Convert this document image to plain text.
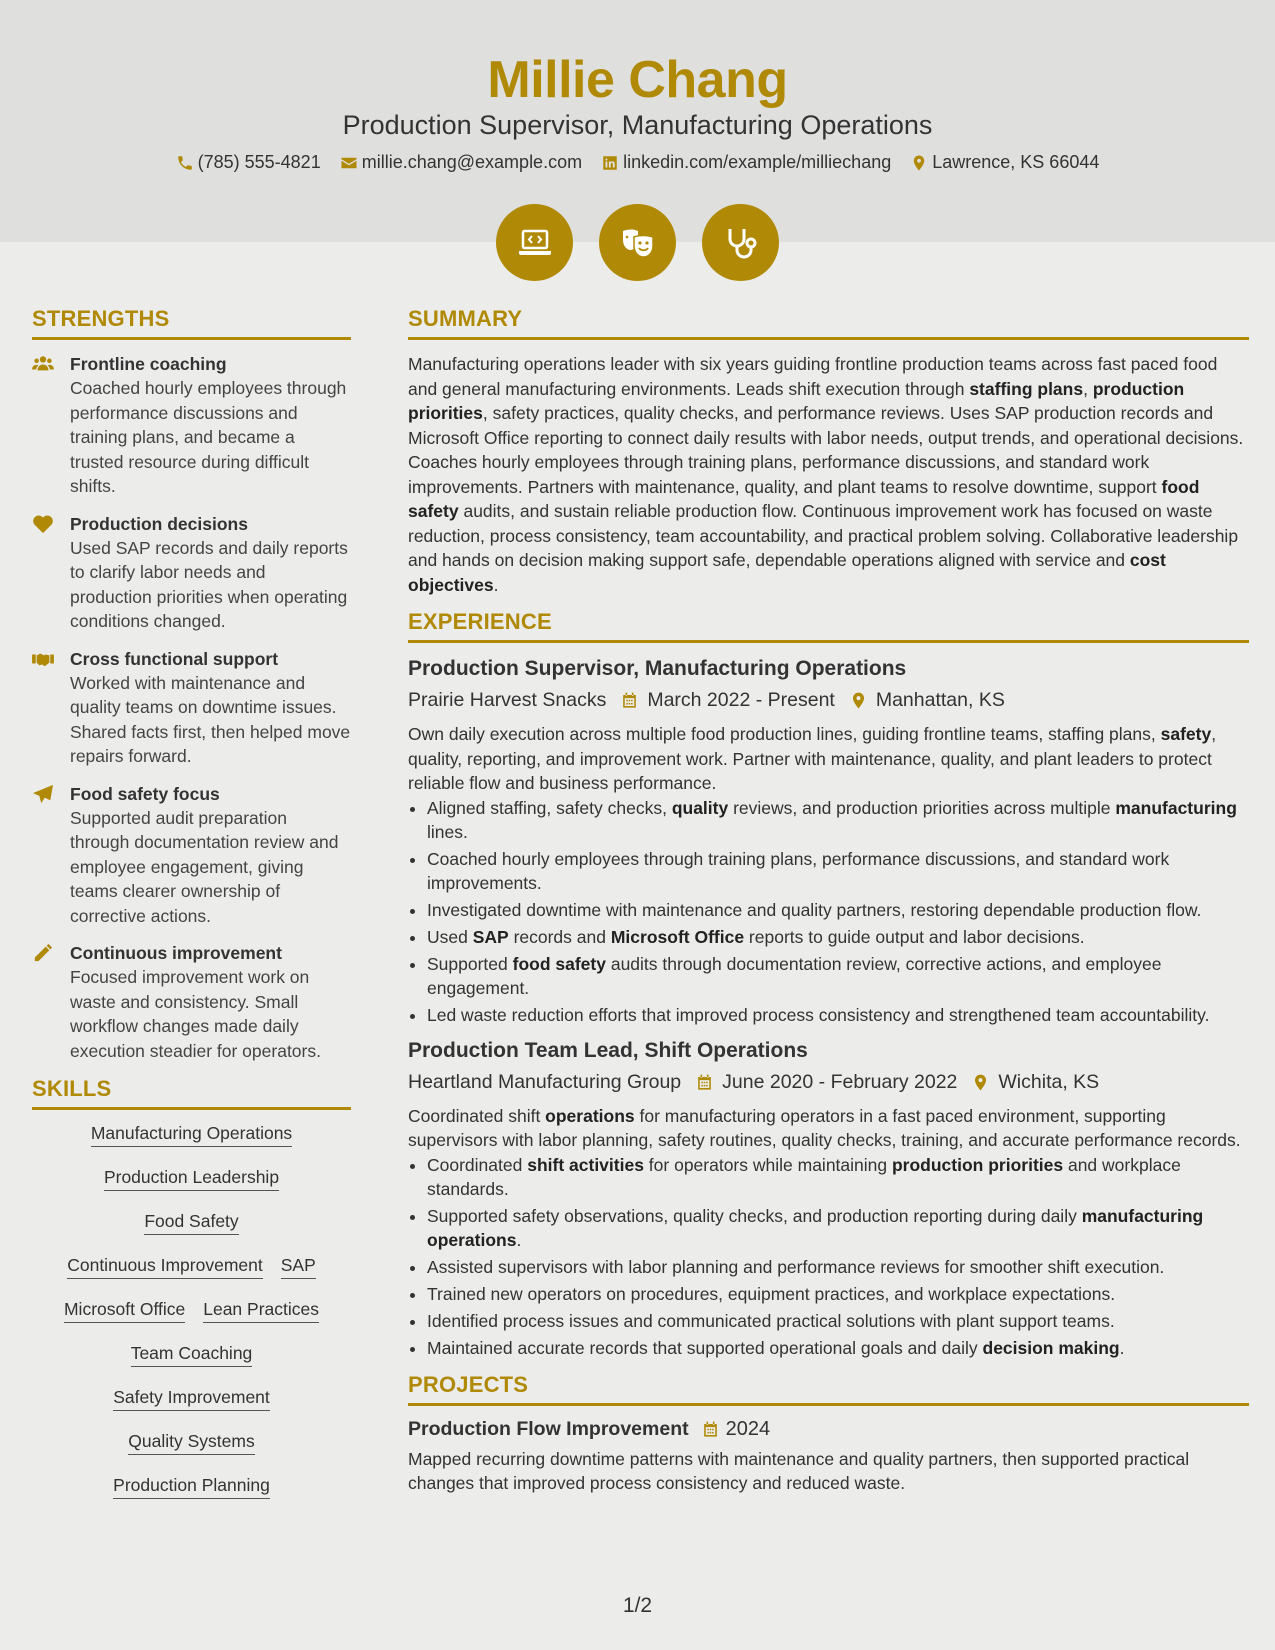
Millie Chang
Production Supervisor, Manufacturing Operations
(785) 555-4821
millie.chang@example.com
linkedin.com/example/milliechang
Lawrence, KS 66044
STRENGTHS
Frontline coaching
Coached hourly employees through performance discussions and training plans, and became a trusted resource during difficult shifts.
Production decisions
Used SAP records and daily reports to clarify labor needs and production priorities when operating conditions changed.
Cross functional support
Worked with maintenance and quality teams on downtime issues. Shared facts first, then helped move repairs forward.
Food safety focus
Supported audit preparation through documentation review and employee engagement, giving teams clearer ownership of corrective actions.
Continuous improvement
Focused improvement work on waste and consistency. Small workflow changes made daily execution steadier for operators.
SKILLS
Manufacturing Operations
Production Leadership
Food Safety
Continuous Improvement SAP
Microsoft Office Lean Practices
Team Coaching
Safety Improvement
Quality Systems
Production Planning
SUMMARY

Manufacturing operations leader with six years guiding frontline production teams across fast paced food and general manufacturing environments. Leads shift execution through staffing plans, production priorities, safety practices, quality checks, and performance reviews. Uses SAP production records and Microsoft Office reporting to connect daily results with labor needs, output trends, and operational decisions. Coaches hourly employees through training plans, performance discussions, and standard work improvements. Partners with maintenance, quality, and plant teams to resolve downtime, support food safety audits, and sustain reliable production flow. Continuous improvement work has focused on waste reduction, process consistency, team accountability, and practical problem solving. Collaborative leadership and hands on decision making support safe, dependable operations aligned with service and cost objectives.

EXPERIENCE
Production Supervisor, Manufacturing Operations
Prairie Harvest Snacks March 2022 - Present Manhattan, KS

Own daily execution across multiple food production lines, guiding frontline teams, staffing plans, safety, quality, reporting, and improvement work. Partner with maintenance, quality, and plant leaders to protect reliable flow and business performance.

• Aligned staffing, safety checks, quality reviews, and production priorities across multiple manufacturing lines.
• Coached hourly employees through training plans, performance discussions, and standard work improvements.
• Investigated downtime with maintenance and quality partners, restoring dependable production flow.
• Used SAP records and Microsoft Office reports to guide output and labor decisions.
• Supported food safety audits through documentation review, corrective actions, and employee engagement.
• Led waste reduction efforts that improved process consistency and strengthened team accountability.
Production Team Lead, Shift Operations
Heartland Manufacturing Group June 2020 - February 2022 Wichita, KS

Coordinated shift operations for manufacturing operators in a fast paced environment, supporting supervisors with labor planning, safety routines, quality checks, training, and accurate performance records.

• Coordinated shift activities for operators while maintaining production priorities and workplace standards.
• Supported safety observations, quality checks, and production reporting during daily manufacturing operations.
• Assisted supervisors with labor planning and performance reviews for smoother shift execution.
• Trained new operators on procedures, equipment practices, and workplace expectations.
• Identified process issues and communicated practical solutions with plant support teams.
• Maintained accurate records that supported operational goals and daily decision making.
PROJECTS
Production Flow Improvement 2024

Mapped recurring downtime patterns with maintenance and quality partners, then supported practical changes that improved process consistency and reduced waste.

1/2
